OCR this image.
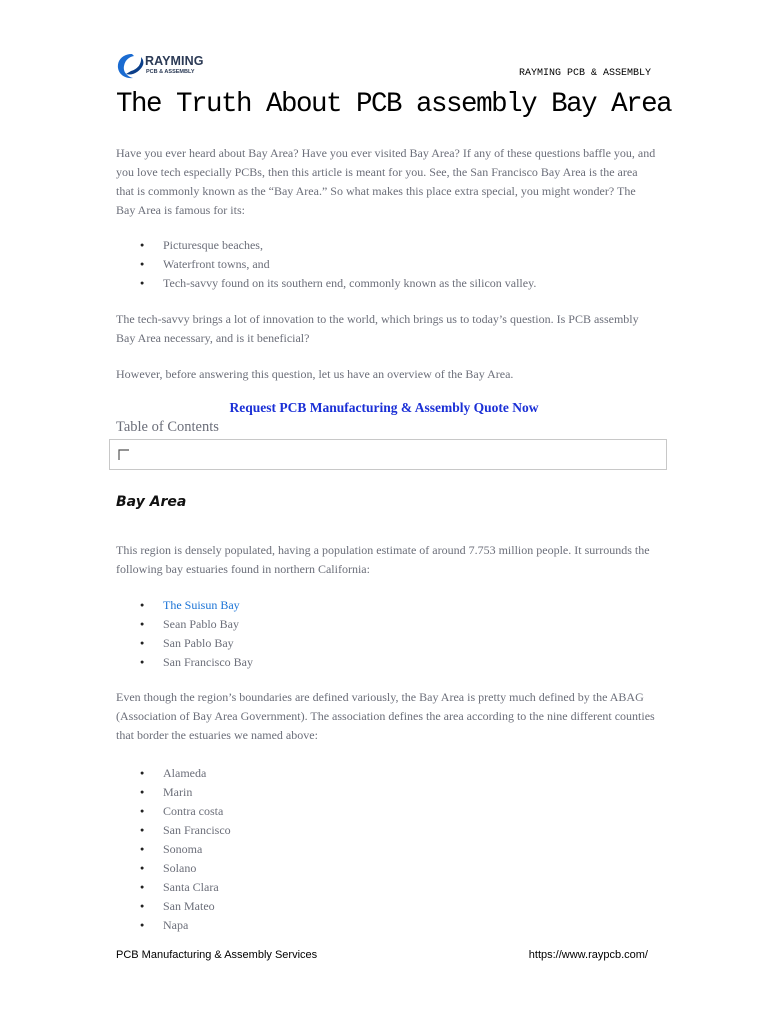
RAYMING
PCB & ASSEMBLY	RAYMING PCB & ASSEMBLY
The Truth About PCB assembly Bay Area

Have you ever heard about Bay Area? Have you ever visited Bay Area? If any of these questions baffle you, and you love tech especially PCBs, then this article is meant for you. See, the San Francisco Bay Area is the area that is commonly known as the “Bay Area.” So what makes this place extra special, you might wonder? The Bay Area is famous for its:

● Picturesque beaches,
● Waterfront towns, and
● Tech-savvy found on its southern end, commonly known as the silicon valley.

The tech-savvy brings a lot of innovation to the world, which brings us to today’s question. Is PCB assembly Bay Area necessary, and is it beneficial?

However, before answering this question, let us have an overview of the Bay Area.

Request PCB Manufacturing & Assembly Quote Now
Table of Contents
Bay Area

This region is densely populated, having a population estimate of around 7.753 million people. It surrounds the following bay estuaries found in northern California:

● The Suisun Bay
● Sean Pablo Bay
● San Pablo Bay
● San Francisco Bay

Even though the region’s boundaries are defined variously, the Bay Area is pretty much defined by the ABAG (Association of Bay Area Government). The association defines the area according to the nine different counties that border the estuaries we named above:

● Alameda
● Marin
● Contra costa
● San Francisco
● Sonoma
● Solano
● Santa Clara
● San Mateo
● Napa
PCB Manufacturing & Assembly Services	https://www.raypcb.com/
